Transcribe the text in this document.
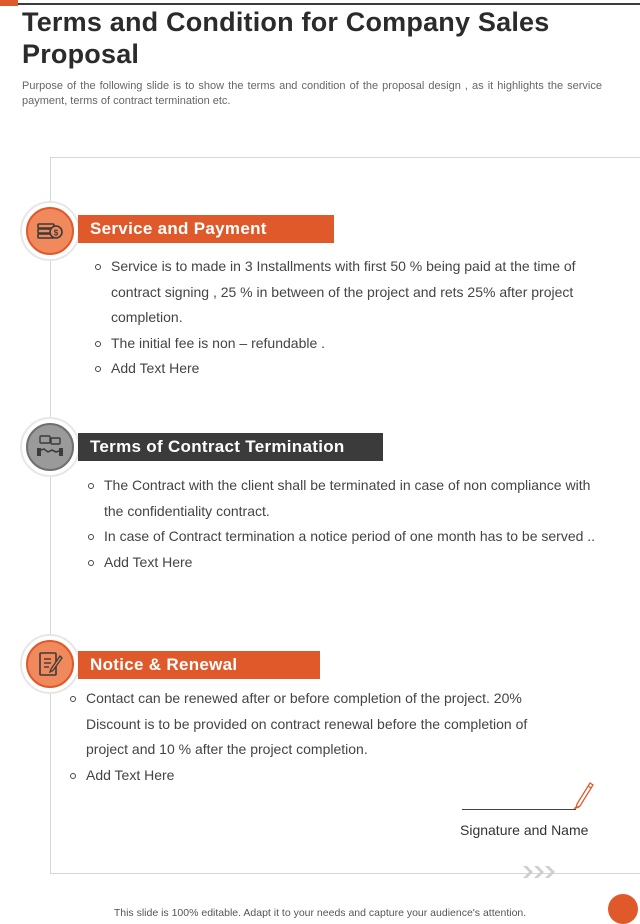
Terms and Condition for Company Sales Proposal
Purpose of the following slide is to show the terms and condition of the proposal design , as it highlights the service payment, terms of contract termination etc.
$	Service and Payment
Service is to made in 3 Installments with first 50 % being paid at the time of contract signing , 25 % in between of the project and rets 25% after project completion.
The initial fee is non – refundable .
Add Text Here
Terms of Contract Termination
The Contract with the client shall be terminated in case of non compliance with the confidentiality contract.
In case of Contract termination a notice period of one month has to be served ..
Add Text Here
Notice & Renewal
Contact can be renewed after or before completion of the project. 20% Discount is to be provided on contract renewal before the completion of project and 10 % after the project completion.
Add Text Here
Signature and Name
This slide is 100% editable. Adapt it to your needs and capture your audience's attention.
